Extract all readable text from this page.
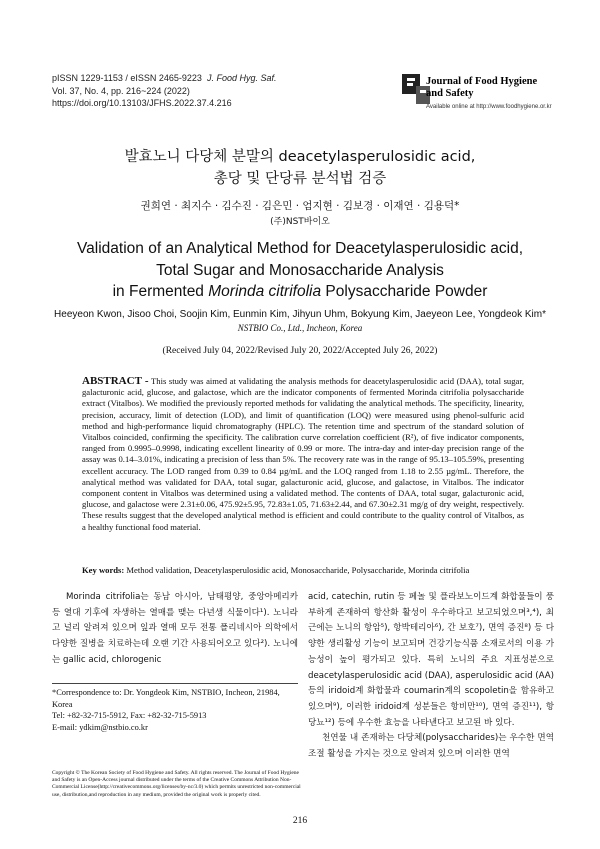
pISSN 1229-1153 / eISSN 2465-9223 J. Food Hyg. Saf.
Vol. 37, No. 4, pp. 216~224 (2022)
https://doi.org/10.13103/JFHS.2022.37.4.216
Journal of Food Hygiene
and Safety
Available online at http://www.foodhygiene.or.kr
발효노니 다당체 분말의 deacetylasperulosidic acid,
총당 및 단당류 분석법 검증
권희연 · 최지수 · 김수진 · 김은민 · 엄지현 · 김보경 · 이재연 · 김용덕*
(주)NST바이오
Validation of an Analytical Method for Deacetylasperulosidic acid,
Total Sugar and Monosaccharide Analysis
in Fermented Morinda citrifolia Polysaccharide Powder
Heeyeon Kwon, Jisoo Choi, Soojin Kim, Eunmin Kim, Jihyun Uhm, Bokyung Kim, Jaeyeon Lee, Yongdeok Kim*
NSTBIO Co., Ltd., Incheon, Korea
(Received July 04, 2022/Revised July 20, 2022/Accepted July 26, 2022)
ABSTRACT - This study was aimed at validating the analysis methods for deacetylasperulosidic acid (DAA), total sugar, galacturonic acid, glucose, and galactose, which are the indicator components of fermented Morinda citrifolia polysaccharide extract (Vitalbos). We modified the previously reported methods for validating the analytical methods. The specificity, linearity, precision, accuracy, limit of detection (LOD), and limit of quantification (LOQ) were measured using phenol-sulfuric acid method and high-performance liquid chromatography (HPLC). The retention time and spectrum of the standard solution of Vitalbos coincided, confirming the specificity. The calibration curve correlation coefficient (R²), of five indicator components, ranged from 0.9995–0.9998, indicating excellent linearity of 0.99 or more. The intra-day and inter-day precision range of the assay was 0.14–3.01%, indicating a precision of less than 5%. The recovery rate was in the range of 95.13–105.59%, presenting excellent accuracy. The LOD ranged from 0.39 to 0.84 µg/mL and the LOQ ranged from 1.18 to 2.55 µg/mL. Therefore, the analytical method was validated for DAA, total sugar, galacturonic acid, glucose, and galactose, in Vitalbos. The indicator component content in Vitalbos was determined using a validated method. The contents of DAA, total sugar, galacturonic acid, glucose, and galactose were 2.31±0.06, 475.92±5.95, 72.83±1.05, 71.63±2.44, and 67.30±2.31 mg/g of dry weight, respectively. These results suggest that the developed analytical method is efficient and could contribute to the quality control of Vitalbos, as a healthy functional food material.
Key words: Method validation, Deacetylasperulosidic acid, Monosaccharide, Polysaccharide, Morinda citrifolia
Morinda citrifolia는 동남 아시아, 남태평양, 중앙아메리카 등 열대 기후에 자생하는 열매를 맺는 다년생 식물이다¹). 노니라고 널리 알려져 있으며 잎과 열매 모두 전통 폴리네시아 의학에서 다양한 질병을 치료하는데 오랜 기간 사용되어오고 있다²). 노니에는 gallic acid, chlorogenic
acid, catechin, rutin 등 페놀 및 플라보노이드계 화합물들이 풍부하게 존재하여 항산화 활성이 우수하다고 보고되었으며³,⁴), 최근에는 노니의 항암⁵), 항박테리아⁶), 간 보호⁷), 면역 증진⁸) 등 다양한 생리활성 기능이 보고되며 건강기능식품 소재로서의 이용 가능성이 높이 평가되고 있다. 특히 노니의 주요 지표성분으로 deacetylasperulosidic acid (DAA), asperulosidic acid (AA) 등의 iridoid계 화합물과 coumarin계의 scopoletin을 함유하고 있으며⁹), 이러한 iridoid계 성분들은 항비만¹⁰), 면역 증진¹¹), 항당뇨¹²) 등에 우수한 효능을 나타낸다고 보고된 바 있다.
천연물 내 존재하는 다당체(polysaccharides)는 우수한 면역조절 활성을 가지는 것으로 알려져 있으며 이러한 면역
*Correspondence to: Dr. Yongdeok Kim, NSTBIO, Incheon, 21984, Korea
Tel: +82-32-715-5912, Fax: +82-32-715-5913
E-mail: ydkim@nstbio.co.kr
Copyright © The Korean Society of Food Hygiene and Safety. All rights reserved. The Journal of Food Hygiene and Safety is an Open-Access journal distributed under the terms of the Creative Commons Attribution Non-Commercial License(http://creativecommons.org/licenses/by-nc/3.0) which permits unrestricted non-commercial use, distribution,and reproduction in any medium, provided the original work is properly cited.
216
